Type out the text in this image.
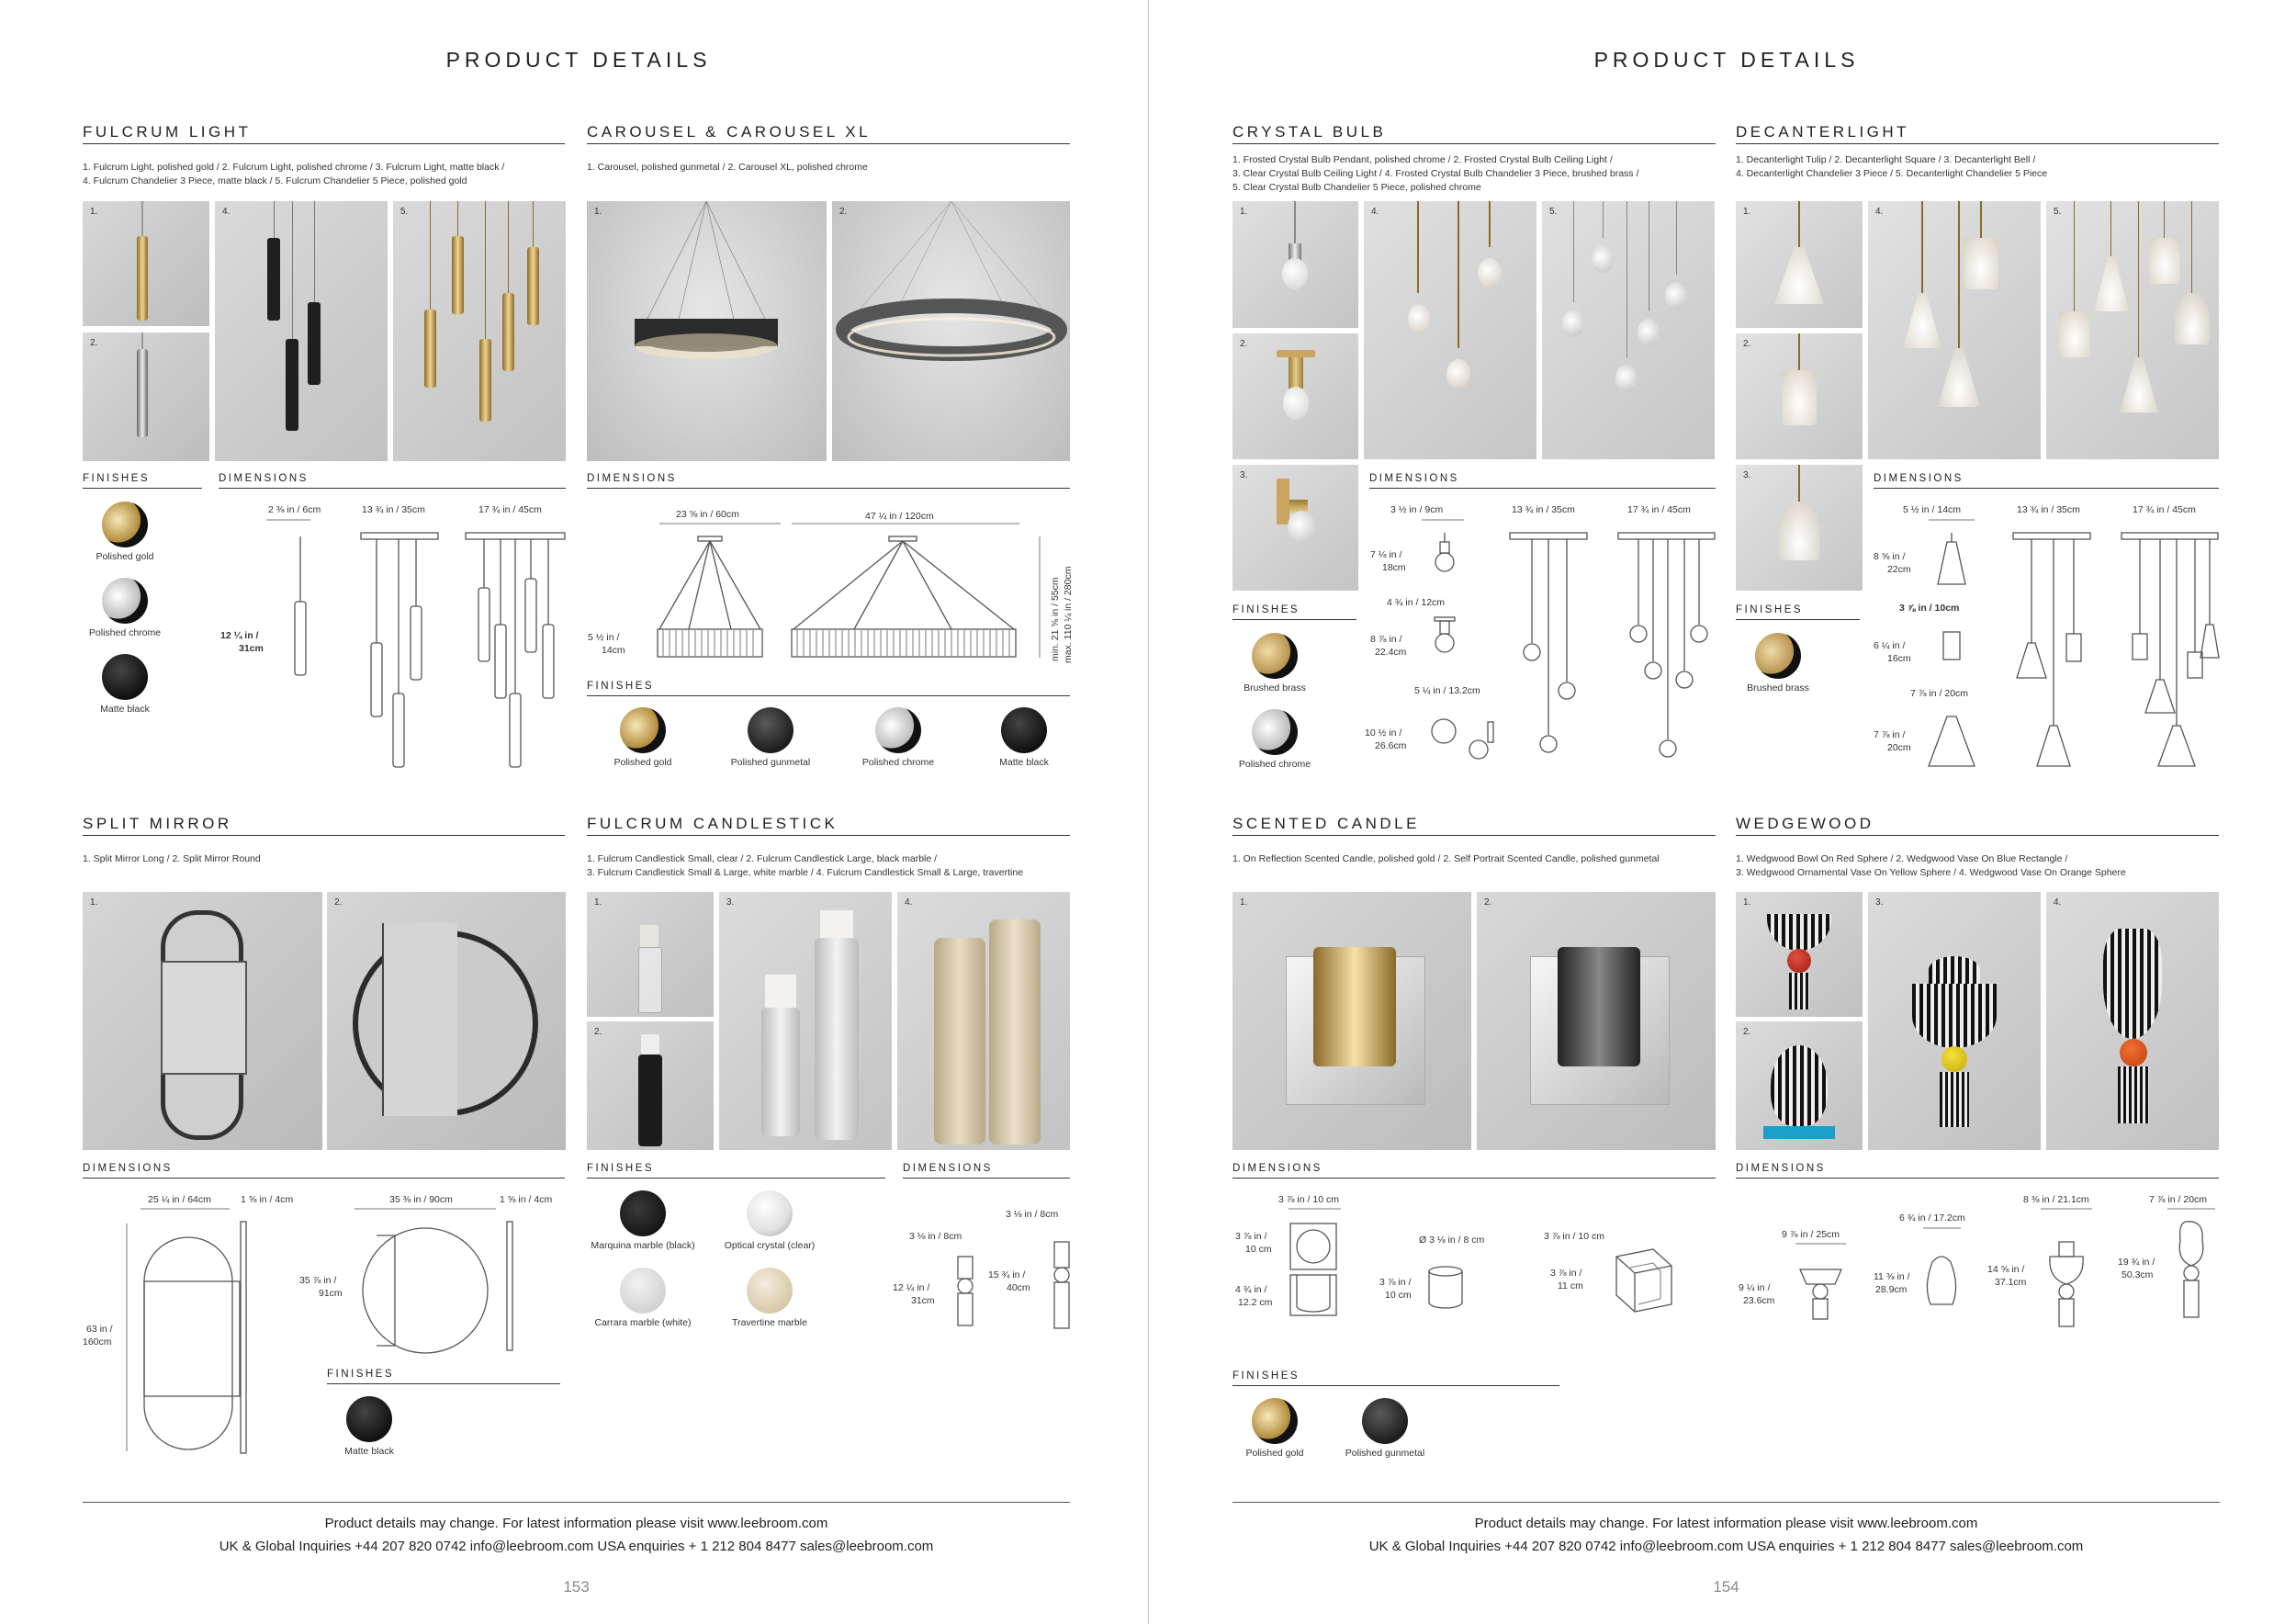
PRODUCT DETAILS	PRODUCT DETAILS
FULCRUM LIGHT
1. Fulcrum Light, polished gold / 2. Fulcrum Light, polished chrome / 3. Fulcrum Light, matte black /
4. Fulcrum Chandelier 3 Piece, matte black / 5. Fulcrum Chandelier 5 Piece, polished gold
1.
2.
4.	5.
FINISHES	DIMENSIONS
Polished gold
Polished chrome
Matte black
2 ⅜ in / 6cm	13 ¾ in / 35cm	17 ¾ in / 45cm
12 ¼ in /
31cm
CAROUSEL & CAROUSEL XL
1. Carousel, polished gunmetal / 2. Carousel XL, polished chrome
1.	2.
DIMENSIONS
23 ⅝ in / 60cm	47 ¼ in / 120cm
5 ½ in /
14cm	min. 21 ⅝ in / 55cm max. 110 ¼ in / 280cm
FINISHES
Polished gold	Polished gunmetal	Polished chrome	Matte black
SPLIT MIRROR
1. Split Mirror Long / 2. Split Mirror Round
1.	2.
DIMENSIONS
25 ¼ in / 64cm	1 ⅝ in / 4cm	35 ⅜ in / 90cm	1 ⅝ in / 4cm
35 ⅞ in /
91cm
63 in /
160cm
FINISHES
Matte black
FULCRUM CANDLESTICK
1. Fulcrum Candlestick Small, clear / 2. Fulcrum Candlestick Large, black marble /
3. Fulcrum Candlestick Small & Large, white marble / 4. Fulcrum Candlestick Small & Large, travertine
1.
2.
3.	4.
FINISHES	DIMENSIONS
Marquina marble (black)	Optical crystal (clear)
Carrara marble (white)	Travertine marble
3 ⅛ in / 8cm
3 ⅛ in / 8cm
12 ¼ in /
31cm
15 ¾ in /
40cm
Product details may change. For latest information please visit www.leebroom.com
UK & Global Inquiries +44 207 820 0742 info@leebroom.com USA enquiries + 1 212 804 8477 sales@leebroom.com
153
CRYSTAL BULB
1. Frosted Crystal Bulb Pendant, polished chrome / 2. Frosted Crystal Bulb Ceiling Light /
3. Clear Crystal Bulb Ceiling Light / 4. Frosted Crystal Bulb Chandelier 3 Piece, brushed brass /
5. Clear Crystal Bulb Chandelier 5 Piece, polished chrome
1.
2.
3.
4.	5.
DIMENSIONS
FINISHES
Brushed brass
Polished chrome
3 ½ in / 9cm	13 ¾ in / 35cm	17 ¾ in / 45cm
7 ⅛ in /
18cm
4 ¾ in / 12cm
8 ⅞ in /
22.4cm
5 ¼ in / 13.2cm
10 ½ in /
26.6cm
DECANTERLIGHT
1. Decanterlight Tulip / 2. Decanterlight Square / 3. Decanterlight Bell /
4. Decanterlight Chandelier 3 Piece / 5. Decanterlight Chandelier 5 Piece
1.
2.
3.
4.	5.
DIMENSIONS
FINISHES
Brushed brass
5 ½ in / 14cm	13 ¾ in / 35cm	17 ¾ in / 45cm
8 ⅝ in /
22cm
3 ⅞ in / 10cm
6 ¼ in /
16cm
7 ⅞ in / 20cm
7 ⅞ in /
20cm
SCENTED CANDLE
1. On Reflection Scented Candle, polished gold / 2. Self Portrait Scented Candle, polished gunmetal
1.	2.
DIMENSIONS
3 ⅞ in / 10 cm
3 ⅞ in /
10 cm
4 ¾ in /
12.2 cm
Ø 3 ⅛ in / 8 cm
3 ⅞ in /
10 cm
3 ⅞ in / 10 cm
3 ⅞ in /
11 cm
FINISHES
Polished gold	Polished gunmetal
WEDGEWOOD
1. Wedgwood Bowl On Red Sphere / 2. Wedgwood Vase On Blue Rectangle /
3. Wedgwood Ornamental Vase On Yellow Sphere / 4. Wedgwood Vase On Orange Sphere
1.
2.
3.	4.
DIMENSIONS
9 ⅞ in / 25cm
6 ¾ in / 17.2cm
8 ⅜ in / 21.1cm	7 ⅞ in / 20cm
9 ¼ in /
23.6cm
11 ⅜ in /
28.9cm
14 ⅝ in /
37.1cm
19 ¾ in /
50.3cm
Product details may change. For latest information please visit www.leebroom.com
UK & Global Inquiries +44 207 820 0742 info@leebroom.com USA enquiries + 1 212 804 8477 sales@leebroom.com
154
